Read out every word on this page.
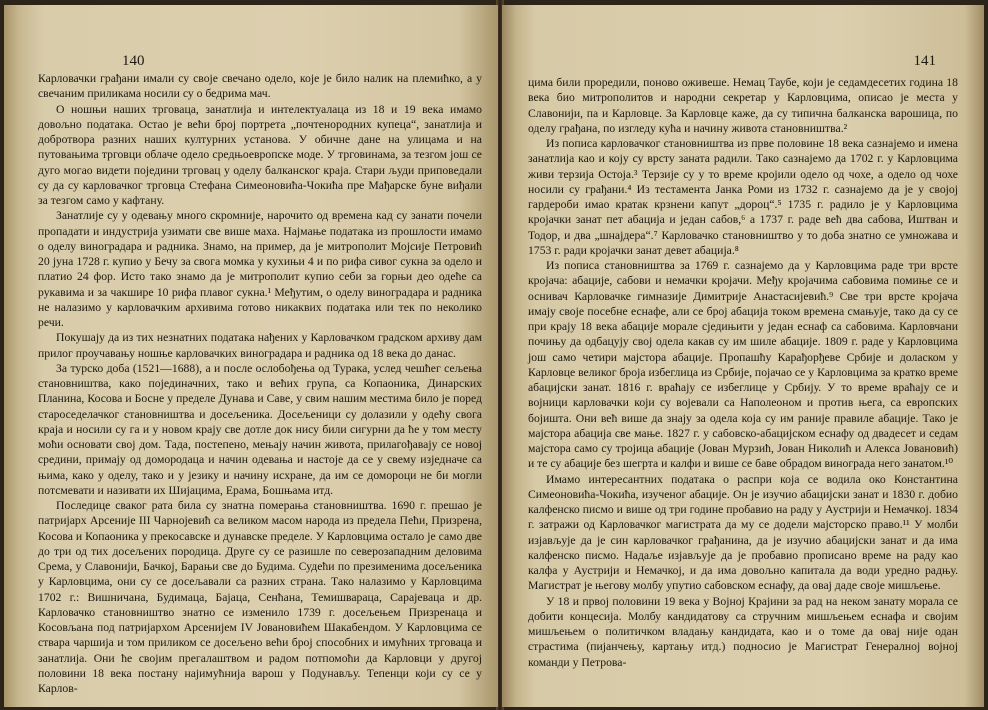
140

Карловачки грађани имали су своје свечано одело, које је било налик на племићко, а у свечаним приликама носили су о бедрима мач.

О ношњи наших трговаца, занатлија и интелектуалаца из 18 и 19 века имамо довољно података. Остао је већи број портрета „почтенородних купеца“, занатлија и добротвора разних наших културних установа. У обичне дане на улицама и на путовањима трговци облаче одело средњоевропске моде. У трговинама, за тезгом још се дуго могао видети поједини трговац у оделу балканског краја. Стари људи приповедали су да су карловачког трговца Стефана Симеоновића-Чокића пре Мађарске буне виђали за тезгом само у кафтану.

Занатлије су у одевању много скромније, нарочито од времена кад су занати почели пропадати и индустрија узимати све више маха. Најмање података из прошлости имамо о оделу виноградара и радника. Знамо, на пример, да је митрополит Мојсије Петровић 20 јуна 1728 г. купио у Бечу за свога момка у кухињи 4 и по рифа сивог сукна за одело и платио 24 фор. Исто тако знамо да је митрополит купио себи за горњи део одеће са рукавима и за чакшире 10 рифа плавог сукна.¹ Међутим, о оделу виноградара и радника не налазимо у карловачким архивима готово никаквих података или тек по неколико речи.

Покушају да из тих незнатних података нађених у Карловачком градском архиву дам прилог проучавању ношње карловачких виноградара и радника од 18 века до данас.

За турско доба (1521—1688), а и после ослобођења од Турака, услед чешћег сељења становништва, како појединачних, тако и већих група, са Копаоника, Динарских Планина, Косова и Босне у пределе Дунава и Саве, у свим нашим местима било је поред староседелачког становништва и досељеника. Досељеници су долазили у одећу свога краја и носили су га и у новом крају све дотле док нису били сигурни да ће у том месту моћи основати свој дом. Тада, постепено, мењају начин живота, прилагођавају се новој средини, примају од домородаца и начин одевања и настоје да се у свему изједначе са њима, како у оделу, тако и у језику и начину исхране, да им се домороци не би могли потсмевати и називати их Шијацима, Ерама, Бошњама итд.

Последице сваког рата била су знатна померања становништва. 1690 г. прешао је патријарх Арсеније III Чарнојевић са великом масом народа из предела Пећи, Призрена, Косова и Копаоника у прекосавске и дунавске пределе. У Карловцима остало је само две до три од тих досељених породица. Друге су се разишле по северозападним деловима Срема, у Славонији, Бачкој, Барањи све до Будима. Судећи по презименима досељеника у Карловцима, они су се досељавали са разних страна. Тако налазимо у Карловцима 1702 г.: Вишничана, Будимаца, Бајаца, Сенћана, Темишвараца, Сарајеваца и др. Карловачко становништво знатно се изменило 1739 г. досељењем Призренаца и Косовљана под патријархом Арсенијем IV Јовановићем Шакабендом. У Карловцима се ствара чаршија и том приликом се досељено већи број способних и имућних трговаца и занатлија. Они ће својим прегалаштвом и радом потпомоћи да Карловци у другој половини 18 века постану најимућнија варош у Подунављу. Тепенци који су се у Карлов-

141

цима били проредили, поново оживеше. Немац Таубе, који је седамдесетих година 18 века био митрополитов и народни секретар у Карловцима, описао је места у Славонији, па и Карловце. За Карловце каже, да су типична балканска варошица, по оделу грађана, по изгледу кућа и начину живота становништва.²

Из пописа карловачког становништва из прве половине 18 века сазнајемо и имена занатлија као и коју су врсту заната радили. Тако сазнајемо да 1702 г. у Карловцима живи терзија Остоја.³ Терзије су у то време кројили одело од чохе, а одело од чохе носили су грађани.⁴ Из тестамента Јанка Роми из 1732 г. сазнајемо да је у својој гардероби имао кратак крзнени капут „дороц“.⁵ 1735 г. радило је у Карловцима кројачки занат пет абација и један сабов,⁶ а 1737 г. раде већ два сабова, Иштван и Тодор, и два „шнајдера“.⁷ Карловачко становништво у то доба знатно се умножава и 1753 г. ради кројачки занат девет абација.⁸

Из пописа становништва за 1769 г. сазнајемо да у Карловцима раде три врсте кројача: абације, сабови и немачки кројачи. Међу кројачима сабовима помиње се и оснивач Карловачке гимназије Димитрије Анастасијевић.⁹ Све три врсте кројача имају своје посебне еснафе, али се број абација током времена смањује, тако да су се при крају 18 века абације морале сједињити у један еснаф са сабовима. Карловчани почињу да одбацују свој одела какав су им шиле абације. 1809 г. раде у Карловцима још само четири мајстора абације. Пропашћу Карађорђеве Србије и доласком у Карловце великог броја избеглица из Србије, појачао се у Карловцима за кратко време абацијски занат. 1816 г. враћају се избеглице у Србију. У то време враћају се и војници карловачки који су војевали са Наполеоном и против њега, са европских бојишта. Они већ више да знају за одела која су им раније правиле абације. Тако је мајстора абација све мање. 1827 г. у сабовско-абацијском еснафу од двадесет и седам мајстора само су тројица абације (Јован Мурзић, Јован Николић и Алекса Јовановић) и те су абације без шегрта и калфи и више се баве обрадом винограда него занатом.¹⁰

Имамо интересантних података о распри која се водила око Константина Симеоновића-Чокића, изученог абације. Он је изучио абацијски занат и 1830 г. добио калфенско писмо и више од три године пробавио на раду у Аустрији и Немачкој. 1834 г. затражи од Карловачког магистрата да му се додели мајсторско право.¹¹ У молби изјављује да је син карловачког грађанина, да је изучио абацијски занат и да има калфенско писмо. Надаље изјављује да је пробавио прописано време на раду као калфа у Аустрији и Немачкој, и да има довољно капитала да води уредно радњу. Магистрат је његову молбу упутио сабовском еснафу, да овај даде своје мишљење.

У 18 и првој половини 19 века у Војној Крајини за рад на неком занату морала се добити концесија. Молбу кандидатову са стручним мишљењем еснафа и својим мишљењем о политичком владању кандидата, као и о томе да овај није одан страстима (пијанчењу, картању итд.) подносио је Магистрат Генералној војној команди у Петрова-
